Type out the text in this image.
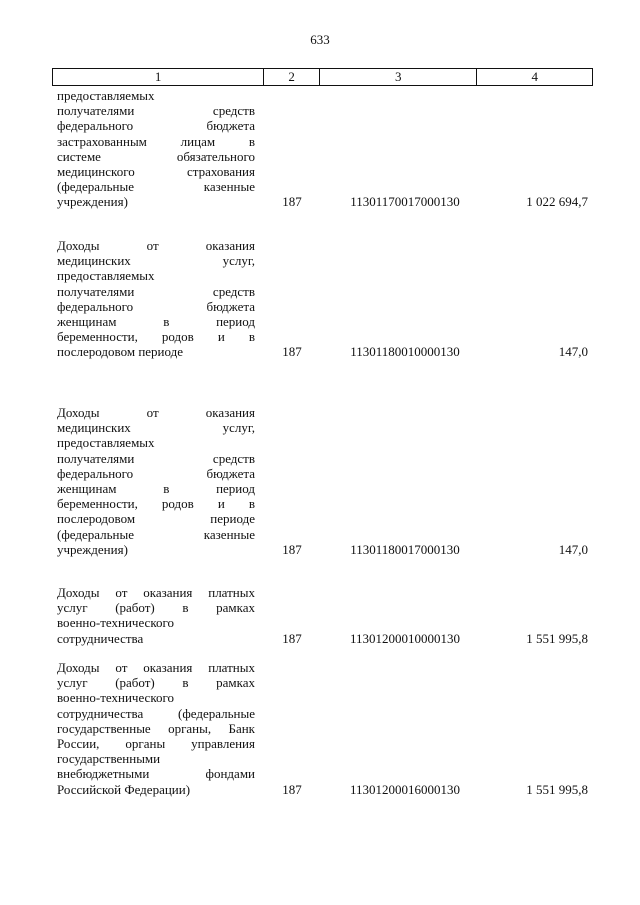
633
1	2	3	4
предоставляемых
получателями средств
федерального бюджета
застрахованным лицам в
системе обязательного
медицинского страхования
(федеральные казенные
учреждения)	187	11301170017000130	1 022 694,7
Доходы от оказания
медицинских услуг,
предоставляемых
получателями средств
федерального бюджета
женщинам в период
беременности, родов и в
послеродовом периоде	187	11301180010000130	147,0
Доходы от оказания
медицинских услуг,
предоставляемых
получателями средств
федерального бюджета
женщинам в период
беременности, родов и в
послеродовом периоде
(федеральные казенные
учреждения)	187	11301180017000130	147,0
Доходы от оказания платных
услуг (работ) в рамках
военно-технического
сотрудничества	187	11301200010000130	1 551 995,8
Доходы от оказания платных
услуг (работ) в рамках
военно-технического
сотрудничества (федеральные
государственные органы, Банк
России, органы управления
государственными
внебюджетными фондами
Российской Федерации)	187	11301200016000130	1 551 995,8
